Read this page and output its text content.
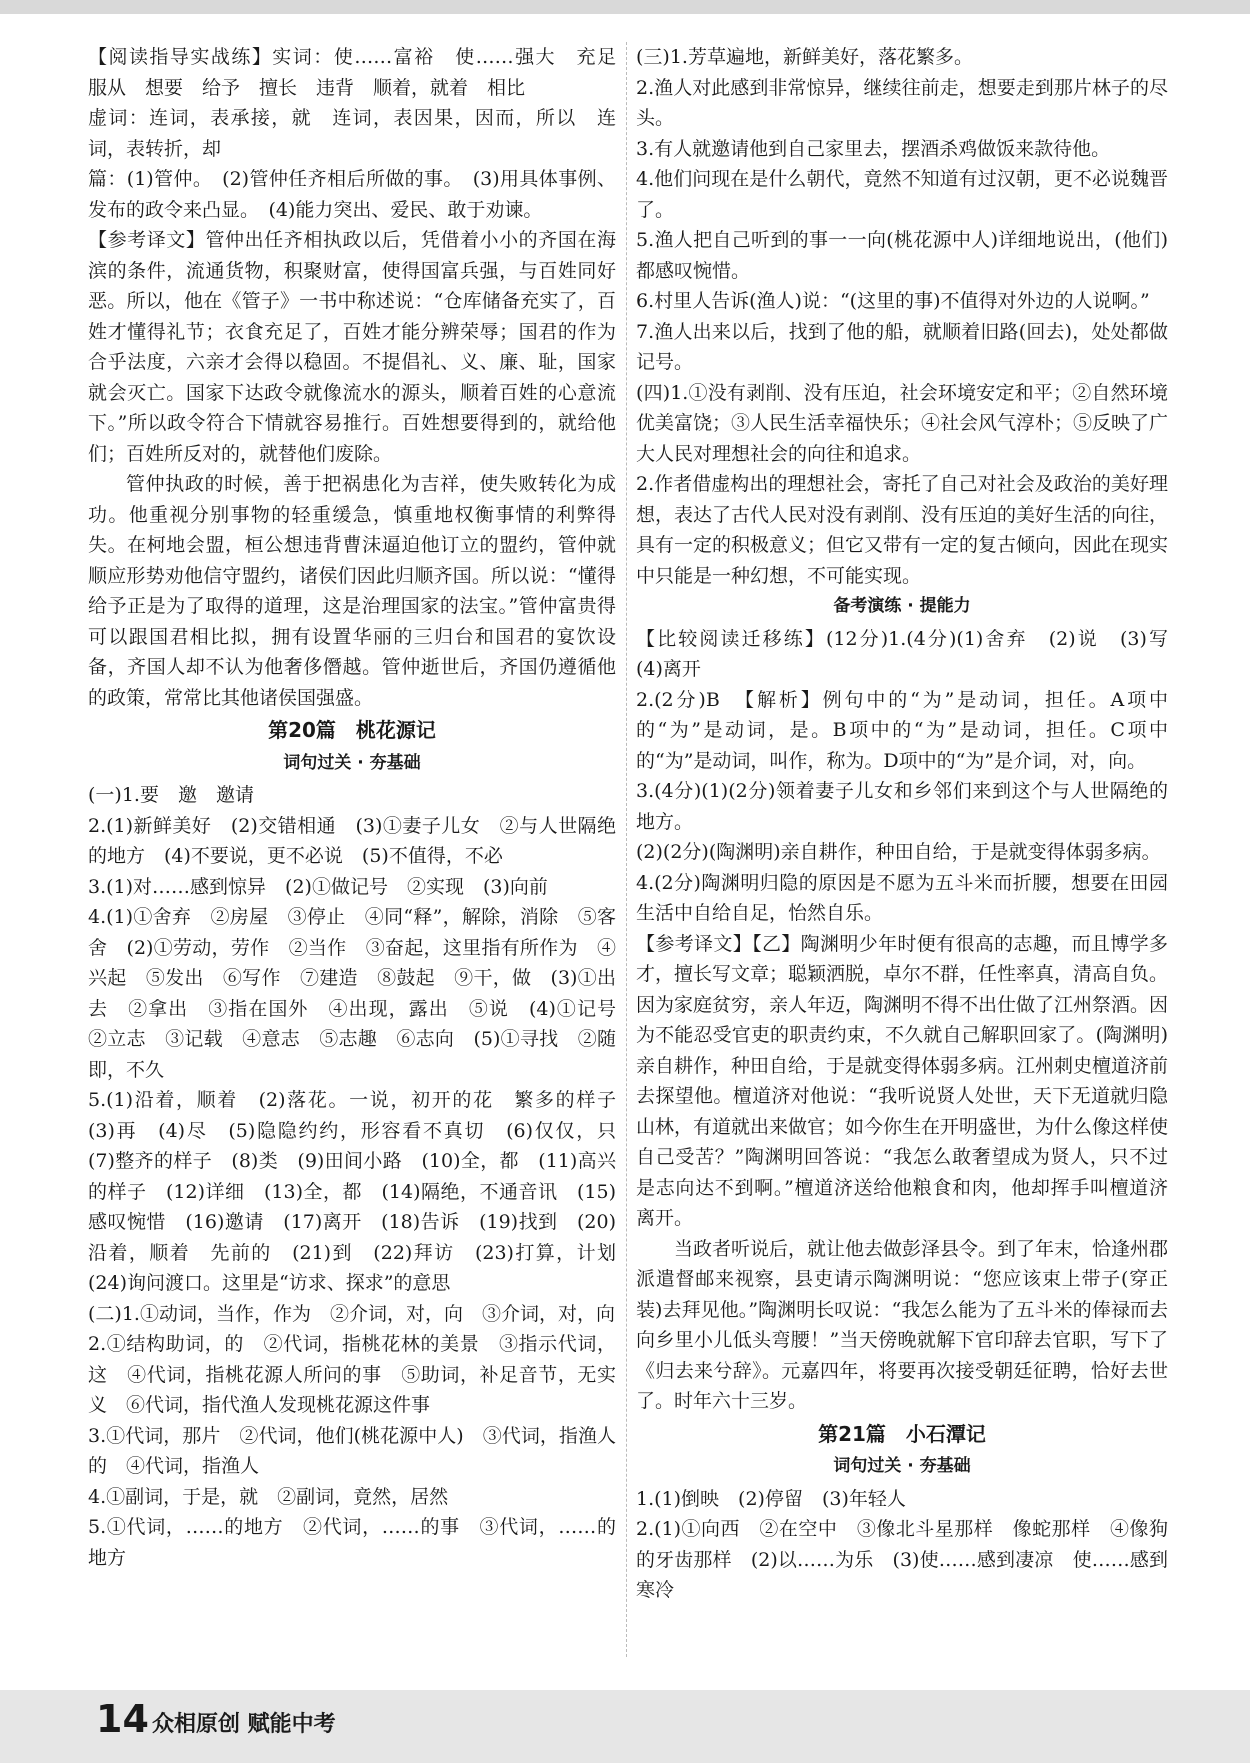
【阅读指导实战练】实词：使……富裕　使……强大　充足　服从　想要　给予　擅长　违背　顺着，就着　相比
虚词：连词，表承接，就　连词，表因果，因而，所以　连词，表转折，却
篇：(1)管仲。　(2)管仲任齐相后所做的事。　(3)用具体事例、发布的政令来凸显。　(4)能力突出、爱民、敢于劝谏。
【参考译文】管仲出任齐相执政以后，凭借着小小的齐国在海滨的条件，流通货物，积聚财富，使得国富兵强，与百姓同好恶。所以，他在《管子》一书中称述说：“仓库储备充实了，百姓才懂得礼节；衣食充足了，百姓才能分辨荣辱；国君的作为合乎法度，六亲才会得以稳固。不提倡礼、义、廉、耻，国家就会灭亡。国家下达政令就像流水的源头，顺着百姓的心意流下。”所以政令符合下情就容易推行。百姓想要得到的，就给他们；百姓所反对的，就替他们废除。
管仲执政的时候，善于把祸患化为吉祥，使失败转化为成功。他重视分别事物的轻重缓急，慎重地权衡事情的利弊得失。在柯地会盟，桓公想违背曹沫逼迫他订立的盟约，管仲就顺应形势劝他信守盟约，诸侯们因此归顺齐国。所以说：“懂得给予正是为了取得的道理，这是治理国家的法宝。”管仲富贵得可以跟国君相比拟，拥有设置华丽的三归台和国君的宴饮设备，齐国人却不认为他奢侈僭越。管仲逝世后，齐国仍遵循他的政策，常常比其他诸侯国强盛。
第20篇　桃花源记
词句过关 · 夯基础
(一)1.要　邀　邀请
2.(1)新鲜美好　(2)交错相通　(3)①妻子儿女　②与人世隔绝的地方　(4)不要说，更不必说　(5)不值得，不必
3.(1)对……感到惊异　(2)①做记号　②实现　(3)向前
4.(1)①舍弃　②房屋　③停止　④同“释”，解除，消除　⑤客舍　(2)①劳动，劳作　②当作　③奋起，这里指有所作为　④兴起　⑤发出　⑥写作　⑦建造　⑧鼓起　⑨干，做　(3)①出去　②拿出　③指在国外　④出现，露出　⑤说　(4)①记号　②立志　③记载　④意志　⑤志趣　⑥志向　(5)①寻找　②随即，不久
5.(1)沿着，顺着　(2)落花。一说，初开的花　繁多的样子　(3)再　(4)尽　(5)隐隐约约，形容看不真切　(6)仅仅，只　(7)整齐的样子　(8)类　(9)田间小路　(10)全，都　(11)高兴的样子　(12)详细　(13)全，都　(14)隔绝，不通音讯　(15)感叹惋惜　(16)邀请　(17)离开　(18)告诉　(19)找到　(20)沿着，顺着　先前的　(21)到　(22)拜访　(23)打算，计划　(24)询问渡口。这里是“访求、探求”的意思
(二)1.①动词，当作，作为　②介词，对，向　③介词，对，向
2.①结构助词，的　②代词，指桃花林的美景　③指示代词，这　④代词，指桃花源人所问的事　⑤助词，补足音节，无实义　⑥代词，指代渔人发现桃花源这件事
3.①代词，那片　②代词，他们(桃花源中人)　③代词，指渔人的　④代词，指渔人
4.①副词，于是，就　②副词，竟然，居然
5.①代词，……的地方　②代词，……的事　③代词，……的地方
(三)1.芳草遍地，新鲜美好，落花繁多。
2.渔人对此感到非常惊异，继续往前走，想要走到那片林子的尽头。
3.有人就邀请他到自己家里去，摆酒杀鸡做饭来款待他。
4.他们问现在是什么朝代，竟然不知道有过汉朝，更不必说魏晋了。
5.渔人把自己听到的事一一向(桃花源中人)详细地说出，(他们)都感叹惋惜。
6.村里人告诉(渔人)说：“(这里的事)不值得对外边的人说啊。”
7.渔人出来以后，找到了他的船，就顺着旧路(回去)，处处都做记号。
(四)1.①没有剥削、没有压迫，社会环境安定和平；②自然环境优美富饶；③人民生活幸福快乐；④社会风气淳朴；⑤反映了广大人民对理想社会的向往和追求。
2.作者借虚构出的理想社会，寄托了自己对社会及政治的美好理想，表达了古代人民对没有剥削、没有压迫的美好生活的向往，具有一定的积极意义；但它又带有一定的复古倾向，因此在现实中只能是一种幻想，不可能实现。
备考演练 · 提能力
【比较阅读迁移练】(12分)1.(4分)(1)舍弃　(2)说　(3)写　(4)离开
2.(2分)B　【解析】例句中的“为”是动词，担任。A项中的“为”是动词，是。B项中的“为”是动词，担任。C项中的“为”是动词，叫作，称为。D项中的“为”是介词，对，向。
3.(4分)(1)(2分)领着妻子儿女和乡邻们来到这个与人世隔绝的地方。
(2)(2分)(陶渊明)亲自耕作，种田自给，于是就变得体弱多病。
4.(2分)陶渊明归隐的原因是不愿为五斗米而折腰，想要在田园生活中自给自足，怡然自乐。
【参考译文】【乙】陶渊明少年时便有很高的志趣，而且博学多才，擅长写文章；聪颖洒脱，卓尔不群，任性率真，清高自负。因为家庭贫穷，亲人年迈，陶渊明不得不出仕做了江州祭酒。因为不能忍受官吏的职责约束，不久就自己解职回家了。(陶渊明)亲自耕作，种田自给，于是就变得体弱多病。江州刺史檀道济前去探望他。檀道济对他说：“我听说贤人处世，天下无道就归隐山林，有道就出来做官；如今你生在开明盛世，为什么像这样使自己受苦？”陶渊明回答说：“我怎么敢奢望成为贤人，只不过是志向达不到啊。”檀道济送给他粮食和肉，他却挥手叫檀道济离开。
当政者听说后，就让他去做彭泽县令。到了年末，恰逢州郡派遣督邮来视察，县吏请示陶渊明说：“您应该束上带子(穿正装)去拜见他。”陶渊明长叹说：“我怎么能为了五斗米的俸禄而去向乡里小儿低头弯腰！”当天傍晚就解下官印辞去官职，写下了《归去来兮辞》。元嘉四年，将要再次接受朝廷征聘，恰好去世了。时年六十三岁。
第21篇　小石潭记
词句过关 · 夯基础
1.(1)倒映　(2)停留　(3)年轻人
2.(1)①向西　②在空中　③像北斗星那样　像蛇那样　④像狗的牙齿那样　(2)以……为乐　(3)使……感到凄凉　使……感到寒冷
14 众相原创 赋能中考
